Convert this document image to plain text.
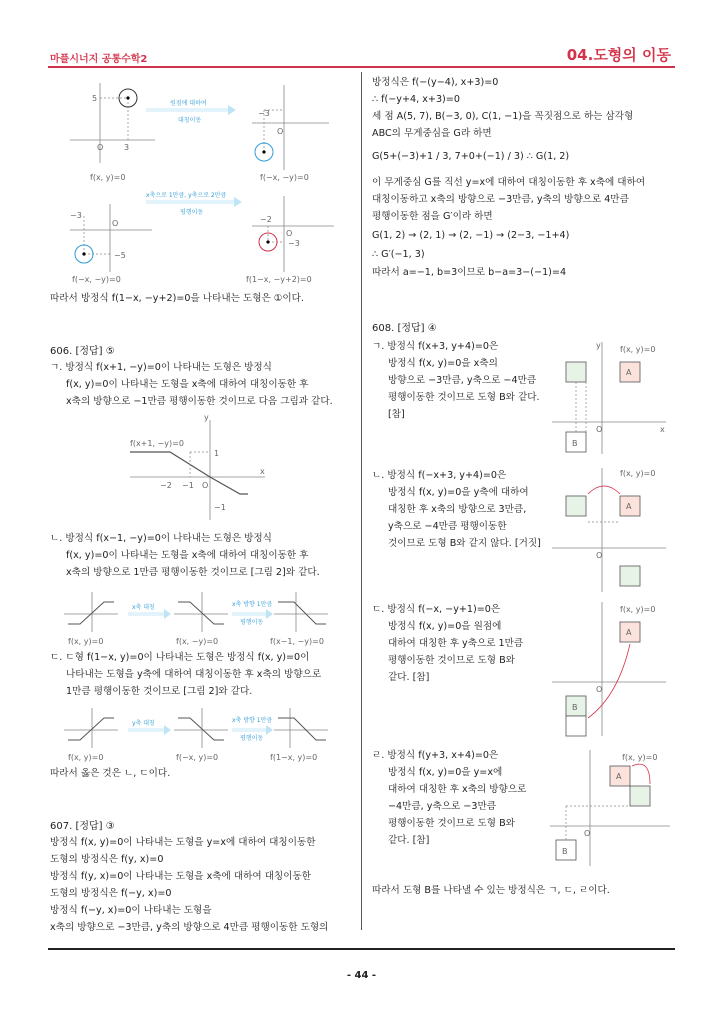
마플시너지 공통수학2	04.도형의 이동
5
O	3
f(x, y)=0
원점에 대하여
대칭이동
−3
O
f(−x, −y)=0
x축으로 1만큼, y축으로 2만큼
평행이동
−3
O
−5
f(−x, −y)=0
−2
O
−3
f(1−x, −y+2)=0
따라서 방정식 f(1−x, −y+2)=0을 나타내는 도형은 ①이다.
606. [정답] ⑤
ㄱ. 방정식 f(x+1, −y)=0이 나타내는 도형은 방정식
f(x, y)=0이 나타내는 도형을 x축에 대하여 대칭이동한 후
x축의 방향으로 −1만큼 평행이동한 것이므로 다음 그림과 같다.
y
x
f(x+1, −y)=0
1
−2 −1 O
−1
ㄴ. 방정식 f(x−1, −y)=0이 나타내는 도형은 방정식
f(x, y)=0이 나타내는 도형을 x축에 대하여 대칭이동한 후
x축의 방향으로 1만큼 평행이동한 것이므로 [그림 2]와 같다.
x축 대칭	x축 방향 1만큼
평행이동
f(x, y)=0	f(x, −y)=0	f(x−1, −y)=0
ㄷ. ㄷ형 f(1−x, y)=0이 나타내는 도형은 방정식 f(x, y)=0이
나타내는 도형을 y축에 대하여 대칭이동한 후 x축의 방향으로
1만큼 평행이동한 것이므로 [그림 2]와 같다.
y축 대칭	x축 방향 1만큼
평행이동
f(x, y)=0	f(−x, y)=0	f(1−x, y)=0
따라서 옳은 것은 ㄴ, ㄷ이다.
607. [정답] ③
방정식 f(x, y)=0이 나타내는 도형을 y=x에 대하여 대칭이동한
도형의 방정식은 f(y, x)=0
방정식 f(y, x)=0이 나타내는 도형을 x축에 대하여 대칭이동한
도형의 방정식은 f(−y, x)=0
방정식 f(−y, x)=0이 나타내는 도형을
x축의 방향으로 −3만큼, y축의 방향으로 4만큼 평행이동한 도형의
방정식은 f(−(y−4), x+3)=0
∴ f(−y+4, x+3)=0
세 점 A(5, 7), B(−3, 0), C(1, −1)을 꼭짓점으로 하는 삼각형
ABC의 무게중심을 G라 하면
G(5+(−3)+1 / 3, 7+0+(−1) / 3) ∴ G(1, 2)
이 무게중심 G를 직선 y=x에 대하여 대칭이동한 후 x축에 대하여
대칭이동하고 x축의 방향으로 −3만큼, y축의 방향으로 4만큼
평행이동한 점을 G′이라 하면
G(1, 2) → (2, 1) → (2, −1) → (2−3, −1+4)
∴ G′(−1, 3)
따라서 a=−1, b=3이므로 b−a=3−(−1)=4
608. [정답] ④
ㄱ. 방정식 f(x+3, y+4)=0은
방정식 f(x, y)=0을 x축의
방향으로 −3만큼, y축으로 −4만큼
평행이동한 것이므로 도형 B와 같다.
[참]
A
B
f(x, y)=0
y
x
O
ㄴ. 방정식 f(−x+3, y+4)=0은
방정식 f(x, y)=0을 y축에 대하여
대칭한 후 x축의 방향으로 3만큼,
y축으로 −4만큼 평행이동한
것이므로 도형 B와 같지 않다. [거짓]
A
f(x, y)=0
O
ㄷ. 방정식 f(−x, −y+1)=0은
방정식 f(x, y)=0을 원점에
대하여 대칭한 후 y축으로 1만큼
평행이동한 것이므로 도형 B와
같다. [참]
A
B
f(x, y)=0
O
ㄹ. 방정식 f(y+3, x+4)=0은
방정식 f(x, y)=0을 y=x에
대하여 대칭한 후 x축의 방향으로
−4만큼, y축으로 −3만큼
평행이동한 것이므로 도형 B와
같다. [참]
A
B
f(x, y)=0
O
따라서 도형 B를 나타낼 수 있는 방정식은 ㄱ, ㄷ, ㄹ이다.
- 44 -
